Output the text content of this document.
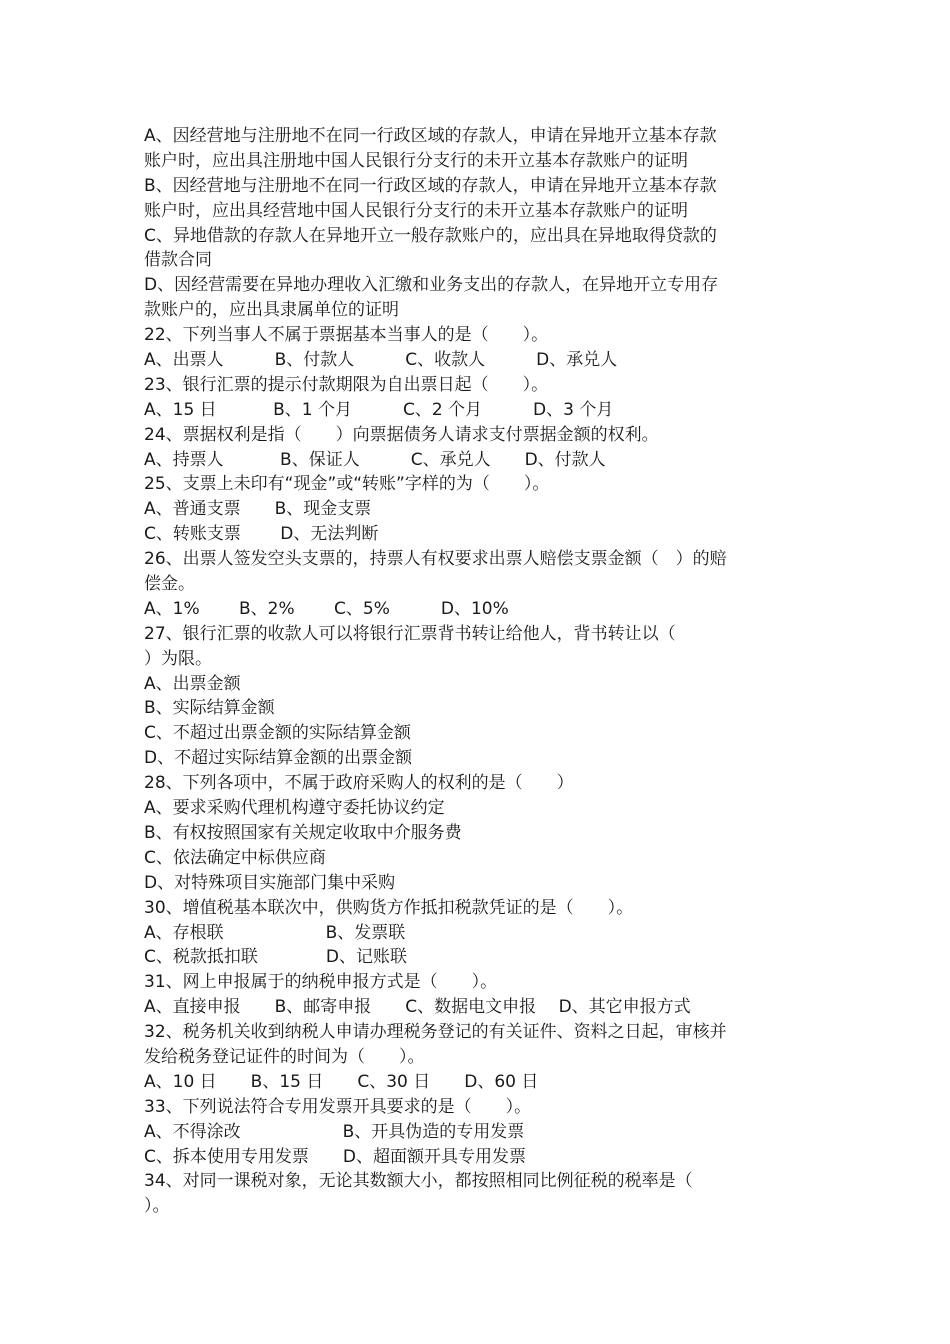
A、因经营地与注册地不在同一行政区域的存款人，申请在异地开立基本存款
账户时，应出具注册地中国人民银行分支行的未开立基本存款账户的证明
B、因经营地与注册地不在同一行政区域的存款人，申请在异地开立基本存款
账户时，应出具经营地中国人民银行分支行的未开立基本存款账户的证明
C、异地借款的存款人在异地开立一般存款账户的，应出具在异地取得贷款的
借款合同
D、因经营需要在异地办理收入汇缴和业务支出的存款人，在异地开立专用存
款账户的，应出具隶属单位的证明
22、下列当事人不属于票据基本当事人的是（　　）。
A、出票人　　　B、付款人　　　C、收款人　　　D、承兑人
23、银行汇票的提示付款期限为自出票日起（　　）。
A、15 日　　　 B、1 个月　　　C、2 个月　　　D、3 个月
24、票据权利是指（　　）向票据债务人请求支付票据金额的权利。
A、持票人　　　 B、保证人　　　C、承兑人　　D、付款人
25、支票上未印有“现金”或“转账”字样的为（　　）。
A、普通支票　　B、现金支票
C、转账支票　　 D、无法判断
26、出票人签发空头支票的，持票人有权要求出票人赔偿支票金额（　）的赔
偿金。
A、1%　　 B、2%　　 C、5%　　　D、10%
27、银行汇票的收款人可以将银行汇票背书转让给他人，背书转让以（
）为限。
A、出票金额
B、实际结算金额
C、不超过出票金额的实际结算金额
D、不超过实际结算金额的出票金额
28、下列各项中，不属于政府采购人的权利的是（　　）
A、要求采购代理机构遵守委托协议约定
B、有权按照国家有关规定收取中介服务费
C、依法确定中标供应商
D、对特殊项目实施部门集中采购
30、增值税基本联次中，供购货方作抵扣税款凭证的是（　　）。
A、存根联　　　　　　B、发票联
C、税款抵扣联　　　　D、记账联
31、网上申报属于的纳税申报方式是（　　）。
A、直接申报　　B、邮寄申报　　C、数据电文申报　 D、其它申报方式
32、税务机关收到纳税人申请办理税务登记的有关证件、资料之日起，审核并
发给税务登记证件的时间为（　　）。
A、10 日　　B、15 日　　C、30 日　　D、60 日
33、下列说法符合专用发票开具要求的是（　　）。
A、不得涂改　　　　　　B、开具伪造的专用发票
C、拆本使用专用发票　　D、超面额开具专用发票
34、对同一课税对象，无论其数额大小，都按照相同比例征税的税率是（
）。
